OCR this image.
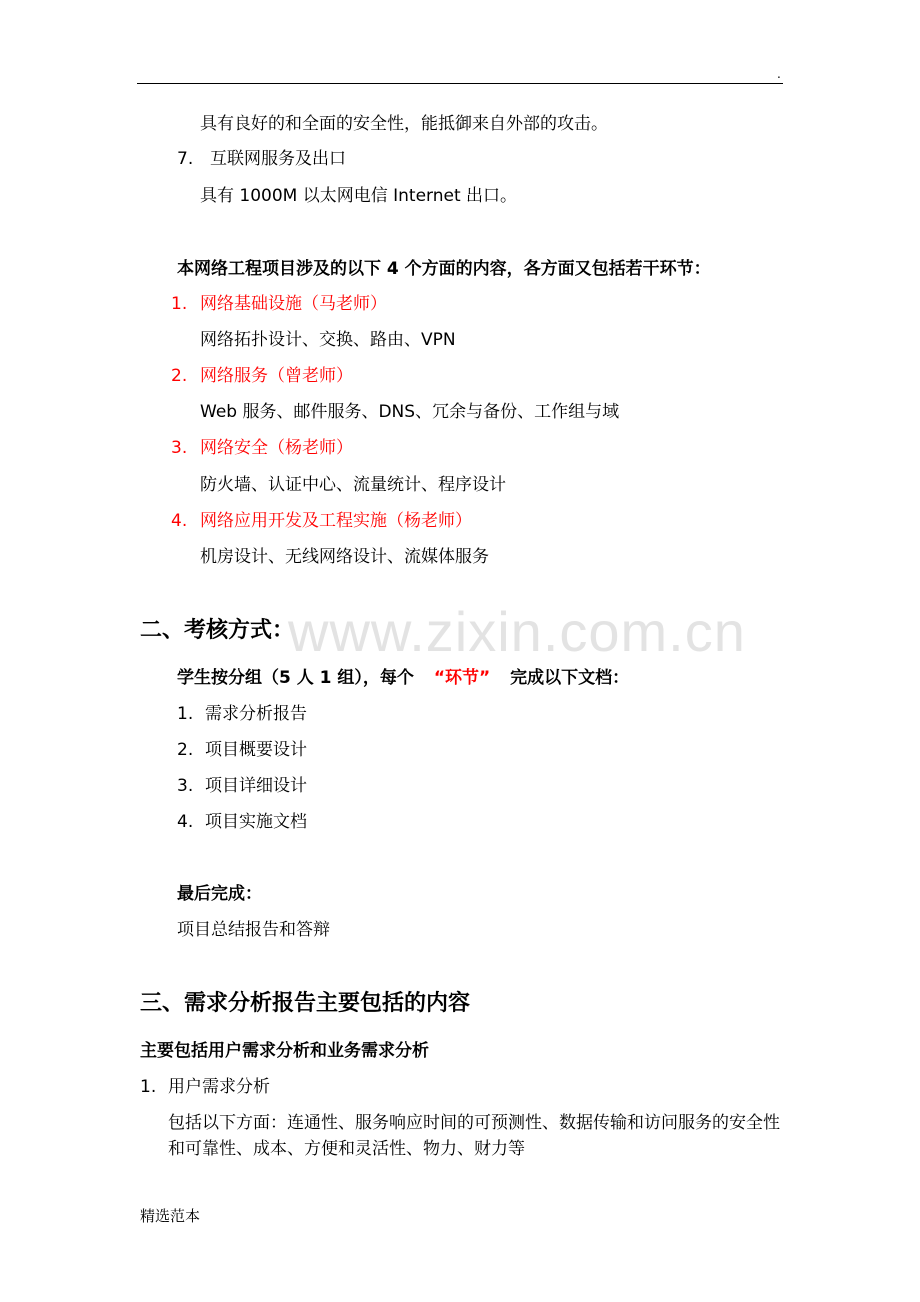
.
www.zixin.com.cn
具有良好的和全面的安全性，能抵御来自外部的攻击。
7. 互联网服务及出口
具有 1000M 以太网电信 Internet 出口。
本网络工程项目涉及的以下 4 个方面的内容，各方面又包括若干环节：
1. 网络基础设施（马老师）
网络拓扑设计、交换、路由、VPN
2. 网络服务（曾老师）
Web 服务、邮件服务、DNS、冗余与备份、工作组与域
3. 网络安全（杨老师）
防火墙、认证中心、流量统计、程序设计
4. 网络应用开发及工程实施（杨老师）
机房设计、无线网络设计、流媒体服务
二、考核方式：
学生按分组（5 人 1 组），每个 “环节” 完成以下文档：
1. 需求分析报告
2. 项目概要设计
3. 项目详细设计
4. 项目实施文档
最后完成：
项目总结报告和答辩
三、需求分析报告主要包括的内容
主要包括用户需求分析和业务需求分析
1. 用户需求分析
包括以下方面：连通性、服务响应时间的可预测性、数据传输和访问服务的安全性和可靠性、成本、方便和灵活性、物力、财力等
精选范本
